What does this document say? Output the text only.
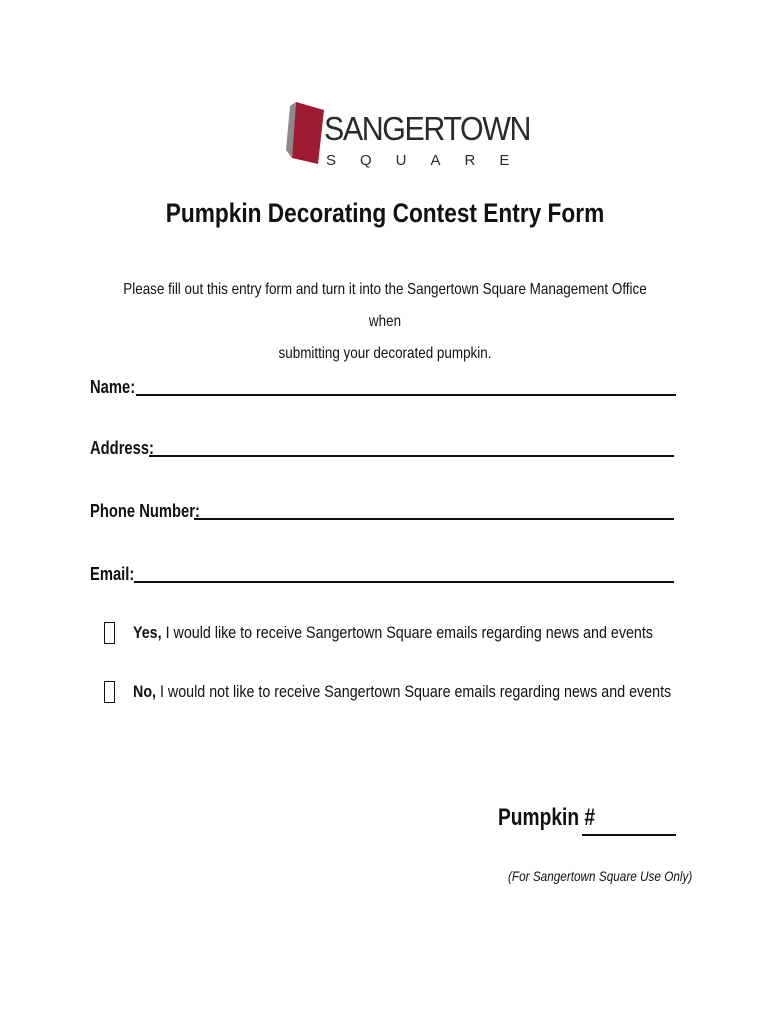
SANGERTOWN
SQUARE
Pumpkin Decorating Contest Entry Form
Please fill out this entry form and turn it into the Sangertown Square Management Office when
submitting your decorated pumpkin.
Name:
Address:
Phone Number:
Email:
Yes, I would like to receive Sangertown Square emails regarding news and events
No, I would not like to receive Sangertown Square emails regarding news and events
Pumpkin #
(For Sangertown Square Use Only)
